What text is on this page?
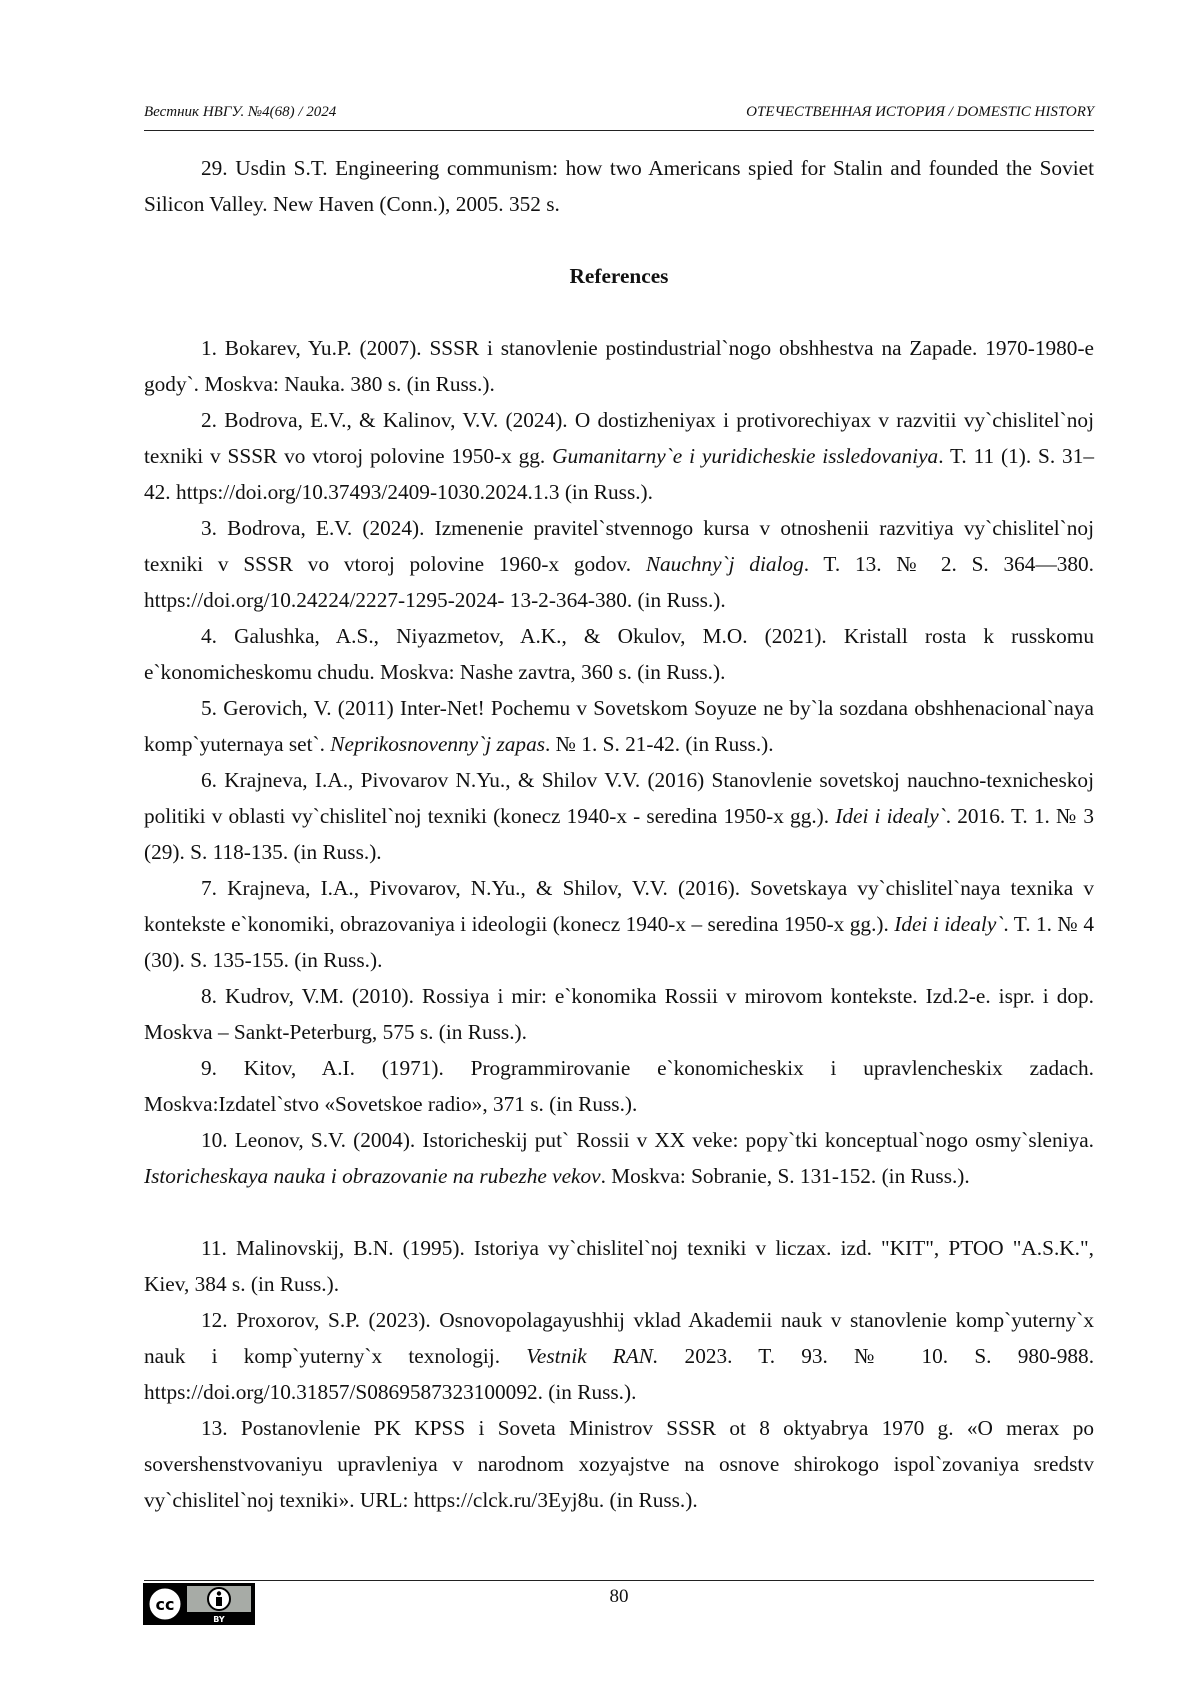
Вестник НВГУ. №4(68) / 2024	ОТЕЧЕСТВЕННАЯ ИСТОРИЯ / DOMESTIC HISTORY

29. Usdin S.T. Engineering communism: how two Americans spied for Stalin and founded the Soviet Silicon Valley. New Haven (Conn.), 2005. 352 s.

References

1. Bokarev, Yu.P. (2007). SSSR i stanovlenie postindustrial`nogo obshhestva na Zapade. 1970-1980-e gody`. Moskva: Nauka. 380 s. (in Russ.).

2. Bodrova, E.V., & Kalinov, V.V. (2024). O dostizheniyax i protivorechiyax v razvitii vy`chislitel`noj texniki v SSSR vo vtoroj polovine 1950-x gg. Gumanitarny`e i yuridicheskie issledovaniya. T. 11 (1). S. 31–42. https://doi.org/10.37493/2409-1030.2024.1.3 (in Russ.).

3. Bodrova, E.V. (2024). Izmenenie pravitel`stvennogo kursa v otnoshenii razvitiya vy`chislitel`noj texniki v SSSR vo vtoroj polovine 1960-x godov. Nauchny`j dialog. T. 13. № 2. S. 364—380. https://doi.org/10.24224/2227-1295-2024- 13-2-364-380. (in Russ.).

4. Galushka, A.S., Niyazmetov, A.K., & Okulov, M.O. (2021). Kristall rosta k russkomu e`konomicheskomu chudu. Moskva: Nashe zavtra, 360 s. (in Russ.).

5. Gerovich, V. (2011) Inter-Net! Pochemu v Sovetskom Soyuze ne by`la sozdana obshhenacional`naya komp`yuternaya set`. Neprikosnovenny`j zapas. № 1. S. 21-42. (in Russ.).

6. Krajneva, I.A., Pivovarov N.Yu., & Shilov V.V. (2016) Stanovlenie sovetskoj nauchno-texnicheskoj politiki v oblasti vy`chislitel`noj texniki (konecz 1940-x - seredina 1950-x gg.). Idei i idealy`. 2016. T. 1. № 3 (29). S. 118-135. (in Russ.).

7. Krajneva, I.A., Pivovarov, N.Yu., & Shilov, V.V. (2016). Sovetskaya vy`chislitel`naya texnika v kontekste e`konomiki, obrazovaniya i ideologii (konecz 1940-x – seredina 1950-x gg.). Idei i idealy`. T. 1. № 4 (30). S. 135-155. (in Russ.).

8. Kudrov, V.M. (2010). Rossiya i mir: e`konomika Rossii v mirovom kontekste. Izd.2-e. ispr. i dop. Moskva – Sankt-Peterburg, 575 s. (in Russ.).

9. Kitov, A.I. (1971). Programmirovanie e`konomicheskix i upravlencheskix zadach. Moskva:Izdatel`stvo «Sovetskoe radio», 371 s. (in Russ.).

10. Leonov, S.V. (2004). Istoricheskij put` Rossii v XX veke: popy`tki konceptual`nogo osmy`sleniya. Istoricheskaya nauka i obrazovanie na rubezhe vekov. Moskva: Sobranie, S. 131-152. (in Russ.).

11. Malinovskij, B.N. (1995). Istoriya vy`chislitel`noj texniki v liczax. izd. "KIT", PTOO "A.S.K.", Kiev, 384 s. (in Russ.).

12. Proxorov, S.P. (2023). Osnovopolagayushhij vklad Akademii nauk v stanovlenie komp`yuterny`x nauk i komp`yuterny`x texnologij. Vestnik RAN. 2023. T. 93. № 10. S. 980-988. https://doi.org/10.31857/S0869587323100092. (in Russ.).

13. Postanovlenie PK KPSS i Soveta Ministrov SSSR ot 8 oktyabrya 1970 g. «O merax po sovershenstvovaniyu upravleniya v narodnom xozyajstve na osnove shirokogo ispol`zovaniya sredstv vy`chislitel`noj texniki». URL: https://clck.ru/3Eyj8u. (in Russ.).

cc
BY
80
